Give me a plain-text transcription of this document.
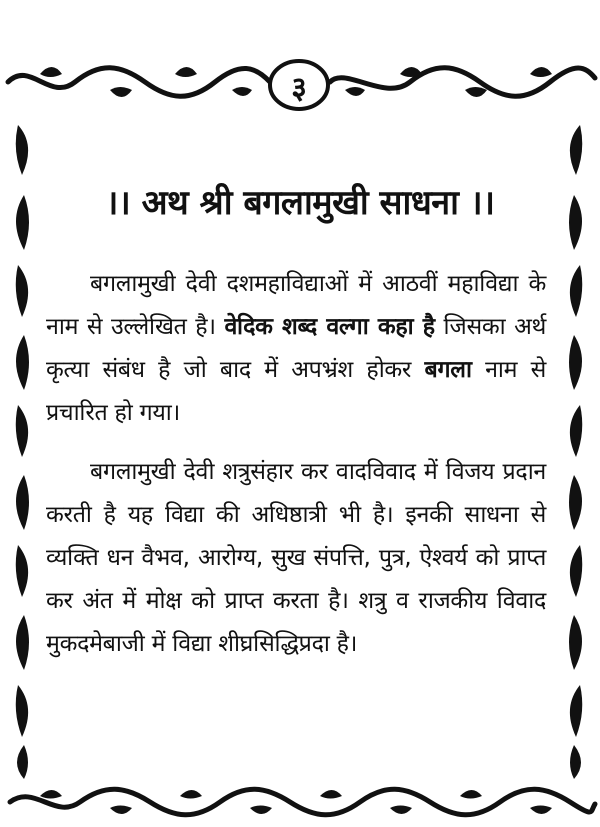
३
।। अथ श्री बगलामुखी साधना ।।

बगलामुखी देवी दशमहाविद्याओं में आठवीं महाविद्या के नाम से उल्लेखित है। वेदिक शब्द वल्गा कहा है जिसका अर्थ कृत्या संबंध है जो बाद में अपभ्रंश होकर बगला नाम से प्रचारित हो गया।

बगलामुखी देवी शत्रुसंहार कर वादविवाद में विजय प्रदान करती है यह विद्या की अधिष्ठात्री भी है। इनकी साधना से व्यक्ति धन वैभव, आरोग्य, सुख संपत्ति, पुत्र, ऐश्वर्य को प्राप्त कर अंत में मोक्ष को प्राप्त करता है। शत्रु व राजकीय विवाद मुकदमेबाजी में विद्या शीघ्रसिद्धिप्रदा है।
